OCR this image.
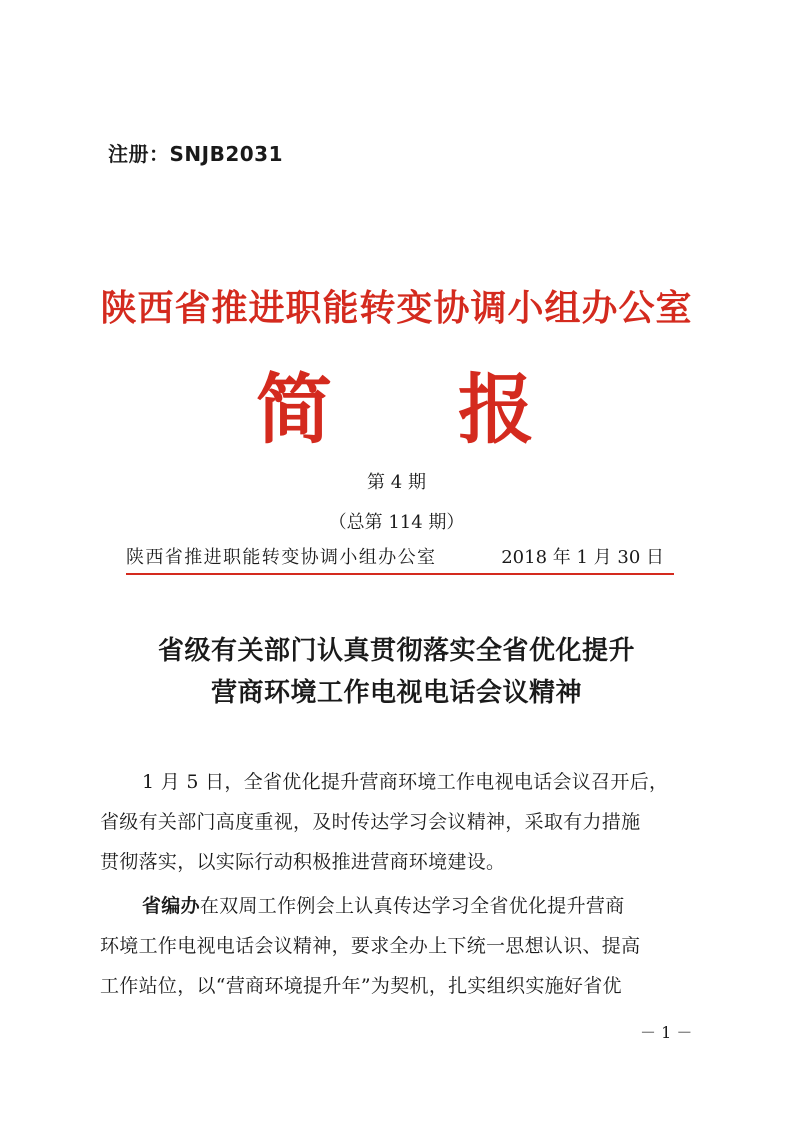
注册：SNJB2031
陕西省推进职能转变协调小组办公室
简 报
第 4 期
（总第 114 期）
陕西省推进职能转变协调小组办公室	2018 年 1 月 30 日
省级有关部门认真贯彻落实全省优化提升
营商环境工作电视电话会议精神
1 月 5 日，全省优化提升营商环境工作电视电话会议召开后，
省级有关部门高度重视，及时传达学习会议精神，采取有力措施
贯彻落实，以实际行动积极推进营商环境建设。
省编办在双周工作例会上认真传达学习全省优化提升营商
环境工作电视电话会议精神，要求全办上下统一思想认识、提高
工作站位，以“营商环境提升年”为契机，扎实组织实施好省优
－ 1 －
